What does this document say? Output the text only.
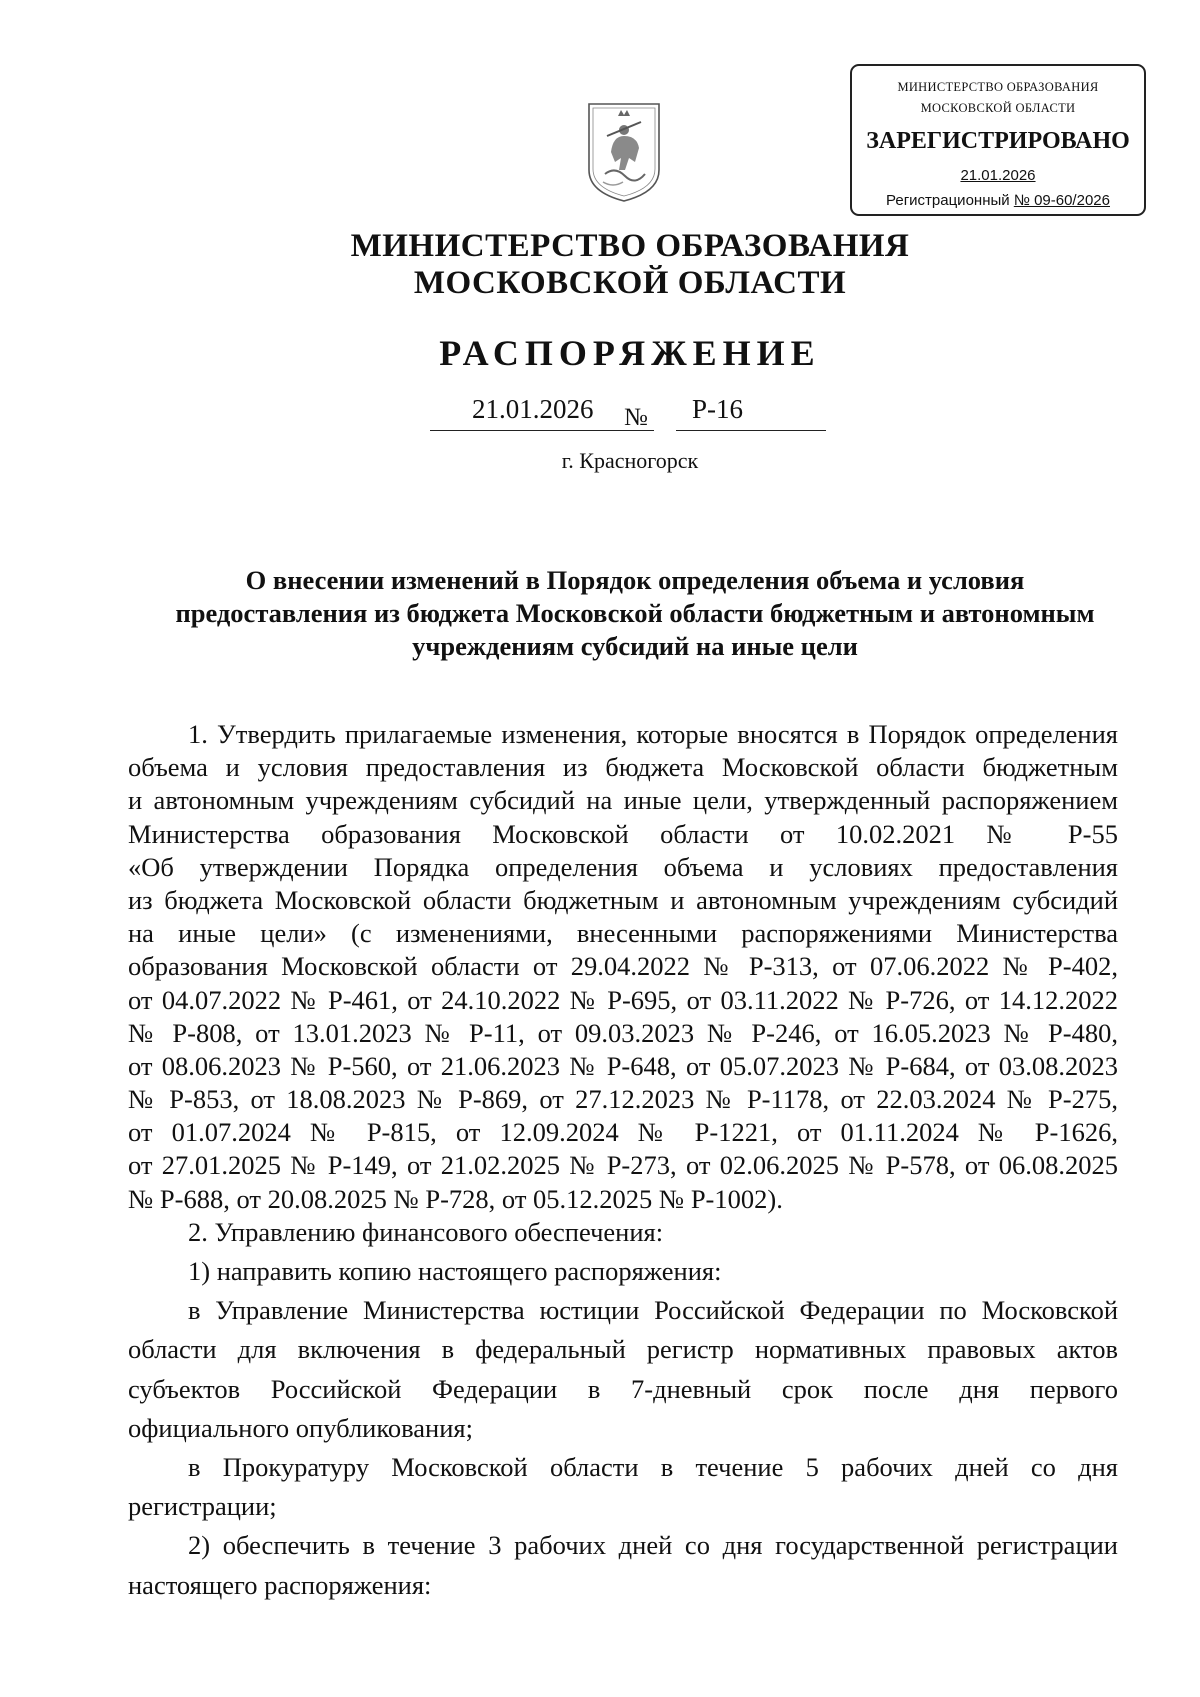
МИНИСТЕРСТВО ОБРАЗОВАНИЯ
МОСКОВСКОЙ ОБЛАСТИ
ЗАРЕГИСТРИРОВАНО
21.01.2026
Регистрационный № 09-60/2026
МИНИСТЕРСТВО ОБРАЗОВАНИЯ
МОСКОВСКОЙ ОБЛАСТИ
РАСПОРЯЖЕНИЕ
21.01.2026 № Р-16
г. Красногорск
О внесении изменений в Порядок определения объема и условия
предоставления из бюджета Московской области бюджетным и автономным
учреждениям субсидий на иные цели
1. Утвердить прилагаемые изменения, которые вносятся в Порядок определения
объема и условия предоставления из бюджета Московской области бюджетным
и автономным учреждениям субсидий на иные цели, утвержденный распоряжением
Министерства образования Московской области от 10.02.2021 № Р-55
«Об утверждении Порядка определения объема и условиях предоставления
из бюджета Московской области бюджетным и автономным учреждениям субсидий
на иные цели» (с изменениями, внесенными распоряжениями Министерства
образования Московской области от 29.04.2022 № Р-313, от 07.06.2022 № Р-402,
от 04.07.2022 № Р-461, от 24.10.2022 № Р-695, от 03.11.2022 № Р-726, от 14.12.2022
№ Р-808, от 13.01.2023 № Р-11, от 09.03.2023 № Р-246, от 16.05.2023 № Р-480,
от 08.06.2023 № Р-560, от 21.06.2023 № Р-648, от 05.07.2023 № Р-684, от 03.08.2023
№ Р-853, от 18.08.2023 № Р-869, от 27.12.2023 № Р-1178, от 22.03.2024 № Р-275,
от 01.07.2024 № Р-815, от 12.09.2024 № Р-1221, от 01.11.2024 № Р-1626,
от 27.01.2025 № Р-149, от 21.02.2025 № Р-273, от 02.06.2025 № Р-578, от 06.08.2025
№ Р-688, от 20.08.2025 № Р-728, от 05.12.2025 № Р-1002).
2. Управлению финансового обеспечения:
1) направить копию настоящего распоряжения:
в Управление Министерства юстиции Российской Федерации по Московской
области для включения в федеральный регистр нормативных правовых актов
субъектов Российской Федерации в 7-дневный срок после дня первого
официального опубликования;
в Прокуратуру Московской области в течение 5 рабочих дней со дня
регистрации;
2) обеспечить в течение 3 рабочих дней со дня государственной регистрации
настоящего распоряжения:
